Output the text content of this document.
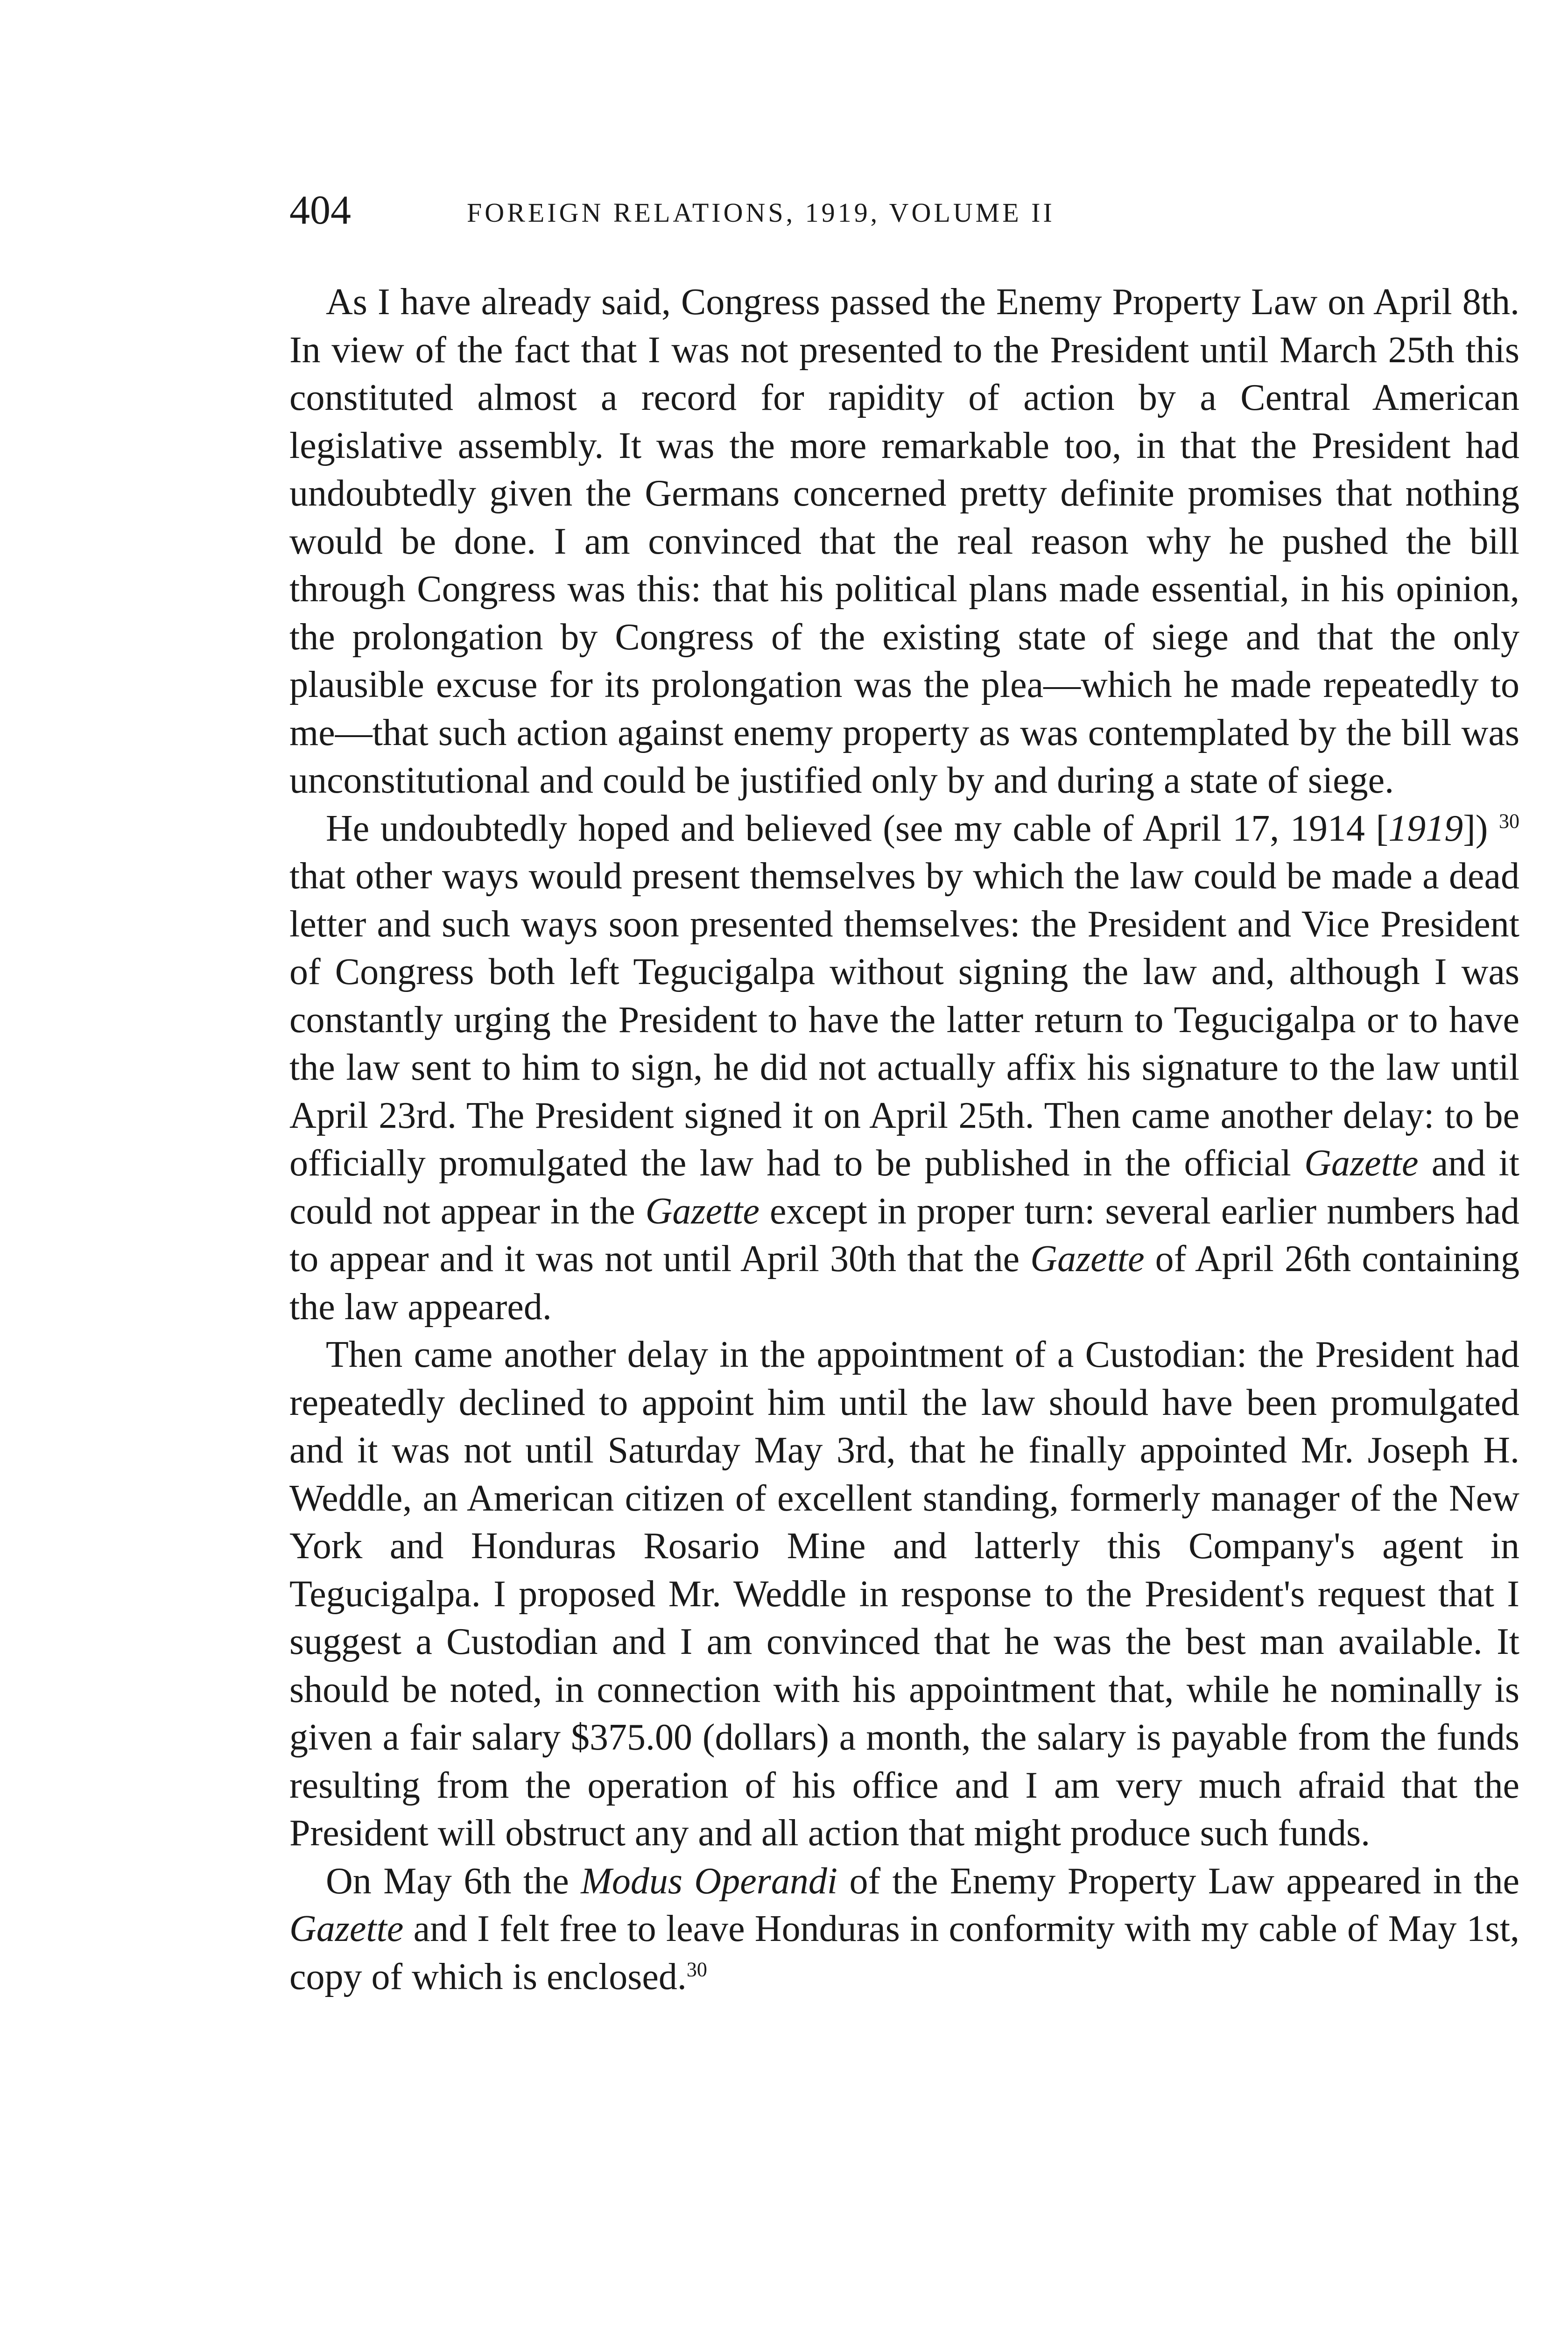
404	FOREIGN RELATIONS, 1919, VOLUME II

As I have already said, Congress passed the Enemy Property Law on April 8th. In view of the fact that I was not presented to the President until March 25th this constituted almost a record for rapidity of action by a Central American legislative assembly. It was the more remarkable too, in that the President had undoubtedly given the Germans concerned pretty definite promises that nothing would be done. I am convinced that the real reason why he pushed the bill through Congress was this: that his political plans made essential, in his opinion, the prolongation by Congress of the existing state of siege and that the only plausible excuse for its prolongation was the plea—which he made repeatedly to me—that such action against enemy property as was contemplated by the bill was unconstitutional and could be justified only by and during a state of siege.

He undoubtedly hoped and believed (see my cable of April 17, 1914 [1919]) $^{30}$ that other ways would present themselves by which the law could be made a dead letter and such ways soon presented themselves: the President and Vice President of Congress both left Tegucigalpa without signing the law and, although I was constantly urging the President to have the latter return to Tegucigalpa or to have the law sent to him to sign, he did not actually affix his signature to the law until April 23rd. The President signed it on April 25th. Then came another delay: to be officially promulgated the law had to be published in the official Gazette and it could not appear in the Gazette except in proper turn: several earlier numbers had to appear and it was not until April 30th that the Gazette of April 26th containing the law appeared.

Then came another delay in the appointment of a Custodian: the President had repeatedly declined to appoint him until the law should have been promulgated and it was not until Saturday May 3rd, that he finally appointed Mr. Joseph H. Weddle, an American citizen of excellent standing, formerly manager of the New York and Honduras Rosario Mine and latterly this Company's agent in Tegucigalpa. I proposed Mr. Weddle in response to the President's request that I suggest a Custodian and I am convinced that he was the best man available. It should be noted, in connection with his appointment that, while he nominally is given a fair salary $375.00 (dollars) a month, the salary is payable from the funds resulting from the operation of his office and I am very much afraid that the President will obstruct any and all action that might produce such funds.

On May 6th the Modus Operandi of the Enemy Property Law appeared in the Gazette and I felt free to leave Honduras in conformity with my cable of May 1st, copy of which is enclosed.$^{30}$
